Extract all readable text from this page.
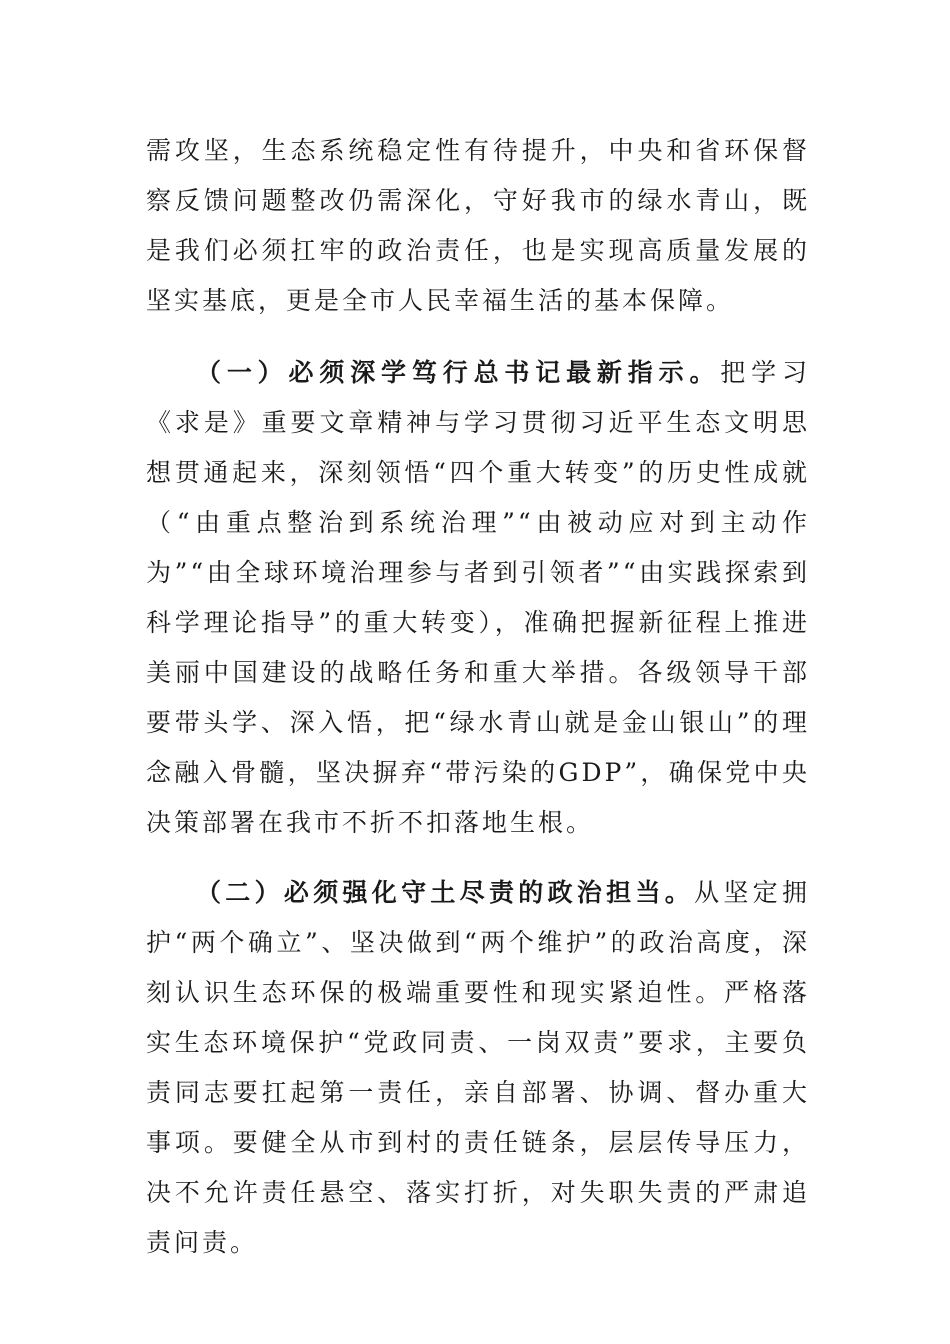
需攻坚，生态系统稳定性有待提升，中央和省环保督察反馈问题整改仍需深化，守好我市的绿水青山，既是我们必须扛牢的政治责任，也是实现高质量发展的坚实基底，更是全市人民幸福生活的基本保障。

（一）必须深学笃行总书记最新指示。把学习《求是》重要文章精神与学习贯彻习近平生态文明思想贯通起来，深刻领悟“四个重大转变”的历史性成就（“由重点整治到系统治理”“由被动应对到主动作为”“由全球环境治理参与者到引领者”“由实践探索到科学理论指导”的重大转变），准确把握新征程上推进美丽中国建设的战略任务和重大举措。各级领导干部要带头学、深入悟，把“绿水青山就是金山银山”的理念融入骨髓，坚决摒弃“带污染的GDP”，确保党中央决策部署在我市不折不扣落地生根。

（二）必须强化守土尽责的政治担当。从坚定拥护“两个确立”、坚决做到“两个维护”的政治高度，深刻认识生态环保的极端重要性和现实紧迫性。严格落实生态环境保护“党政同责、一岗双责”要求，主要负责同志要扛起第一责任，亲自部署、协调、督办重大事项。要健全从市到村的责任链条，层层传导压力，决不允许责任悬空、落实打折，对失职失责的严肃追责问责。
